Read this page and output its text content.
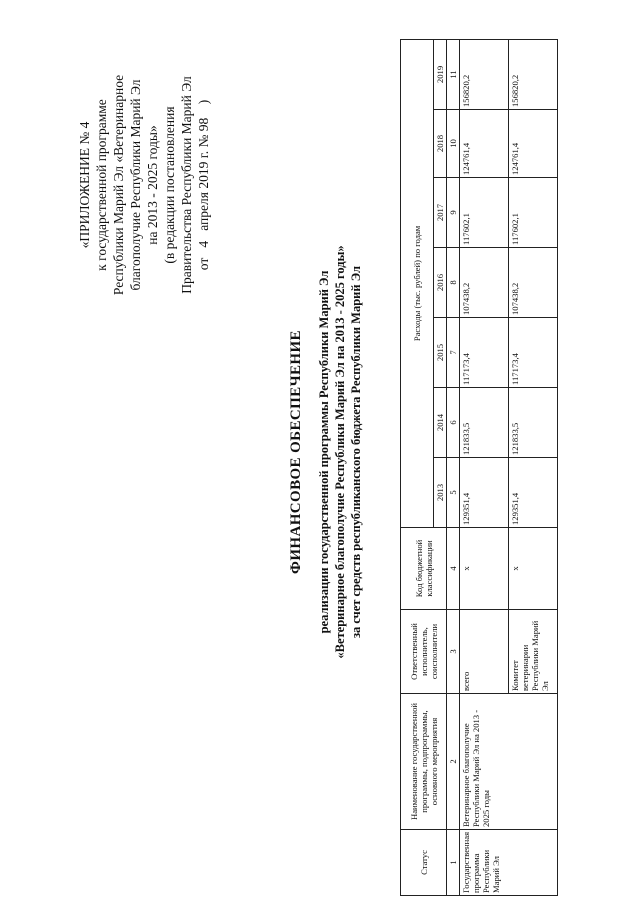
«ПРИЛОЖЕНИЕ № 4 к государственной программе Республики Марий Эл «Ветеринарное благополучие Республики Марий Эл на 2013 - 2025 годы» (в редакции постановления Правительства Республики Марий Эл от   4   апреля 2019 г. № 98    )
ФИНАНСОВОЕ ОБЕСПЕЧЕНИЕ реализации государственной программы Республики Марий Эл «Ветеринарное благополучие Республики Марий Эл на 2013 - 2025 годы» за счет средств республиканского бюджета Республики Марий Эл
Статус	Наименование государственной программы, подпрограммы, основного мероприятия	Ответственный исполнитель, соисполнители	Код бюджетной классификации	Расходы (тыс. рублей) по годам						
				2013	2014	2015	2016	2017	2018	2019
1	2	3	4	5	6	7	8	9	10	11
Государственная программа Республики Марий Эл	Ветеринарное благополучие Республики Марий Эл на 2013 - 2025 годы	всего	x	129351,4	121833,5	117173,4	107438,2	117602,1	124761,4	156820,2
		Комитет ветеринарии Республики Марий Эл	x	129351,4	121833,5	117173,4	107438,2	117602,1	124761,4	156820,2
